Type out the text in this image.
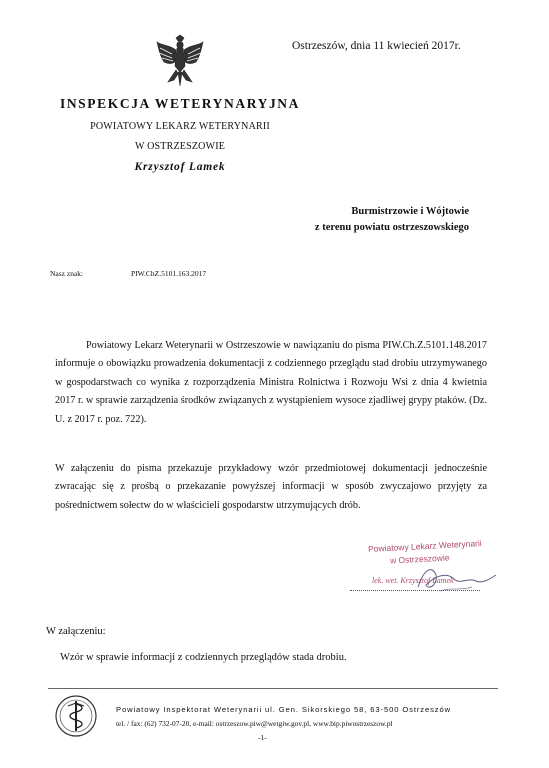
Ostrzeszów, dnia 11 kwiecień 2017r.
INSPEKCJA WETERYNARYJNA
POWIATOWY LEKARZ WETERYNARII
W OSTRZESZOWIE
Krzysztof Lamek
Burmistrzowie i Wójtowie
z terenu powiatu ostrzeszowskiego
Nasz znak:	PIW.ChZ.5101.163.2017
Powiatowy Lekarz Weterynarii w Ostrzeszowie w nawiązaniu do pisma PIW.Ch.Z.5101.148.2017 informuje o obowiązku prowadzenia dokumentacji z codziennego przeglądu stad drobiu utrzymywanego w gospodarstwach co wynika z rozporządzenia Ministra Rolnictwa i Rozwoju Wsi z dnia 4 kwietnia 2017 r. w sprawie zarządzenia środków związanych z wystąpieniem wysoce zjadliwej grypy ptaków. (Dz. U. z 2017 r. poz. 722).
W załączeniu do pisma przekazuje przykładowy wzór przedmiotowej dokumentacji jednocześnie zwracając się z prośbą o przekazanie powyższej informacji w sposób zwyczajowo przyjęty za pośrednictwem sołectw do w właścicieli gospodarstw utrzymujących drób.
Powiatowy Lekarz Weterynarii
w Ostrzeszowie
lek. wet. Krzysztof Lamek
W załączeniu:
Wzór w sprawie informacji z codziennych przeglądów stada drobiu.
Powiatowy Inspektorat Weterynarii ul. Gen. Sikorskiego 58, 63-500 Ostrzeszów
tel. / fax: (62) 732-07-20, e-mail: ostrzeszow.piw@wetgiw.gov.pl, www.bip.piwostrzeszow.pl
-1-
